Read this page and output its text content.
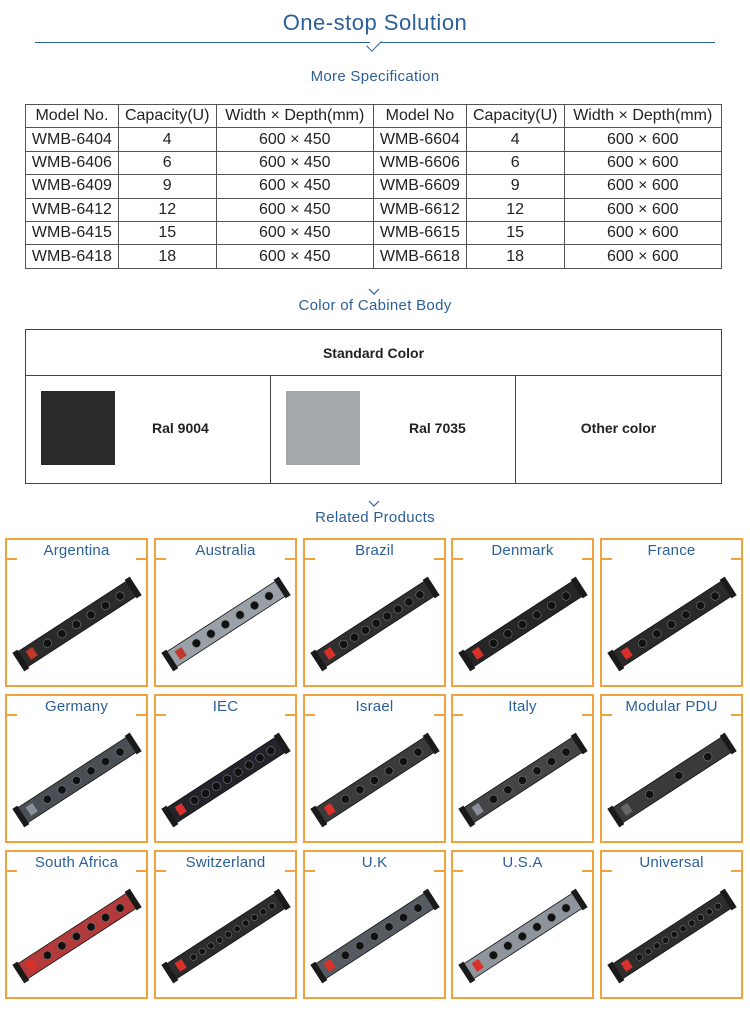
One-stop Solution
More Specification
Model No.	Capacity(U)	Width × Depth(mm)	Model No	Capacity(U)	Width × Depth(mm)
WMB-6404	4	600 × 450	WMB-6604	4	600 × 600
WMB-6406	6	600 × 450	WMB-6606	6	600 × 600
WMB-6409	9	600 × 450	WMB-6609	9	600 × 600
WMB-6412	12	600 × 450	WMB-6612	12	600 × 600
WMB-6415	15	600 × 450	WMB-6615	15	600 × 600
WMB-6418	18	600 × 450	WMB-6618	18	600 × 600
Color of Cabinet Body
Standard Color
Ral 9004	Ral 7035	Other color
Related Products
Argentina	Australia	Brazil	Denmark	France
Germany	IEC	Israel	Italy	Modular PDU
South Africa	Switzerland	U.K	U.S.A	Universal
